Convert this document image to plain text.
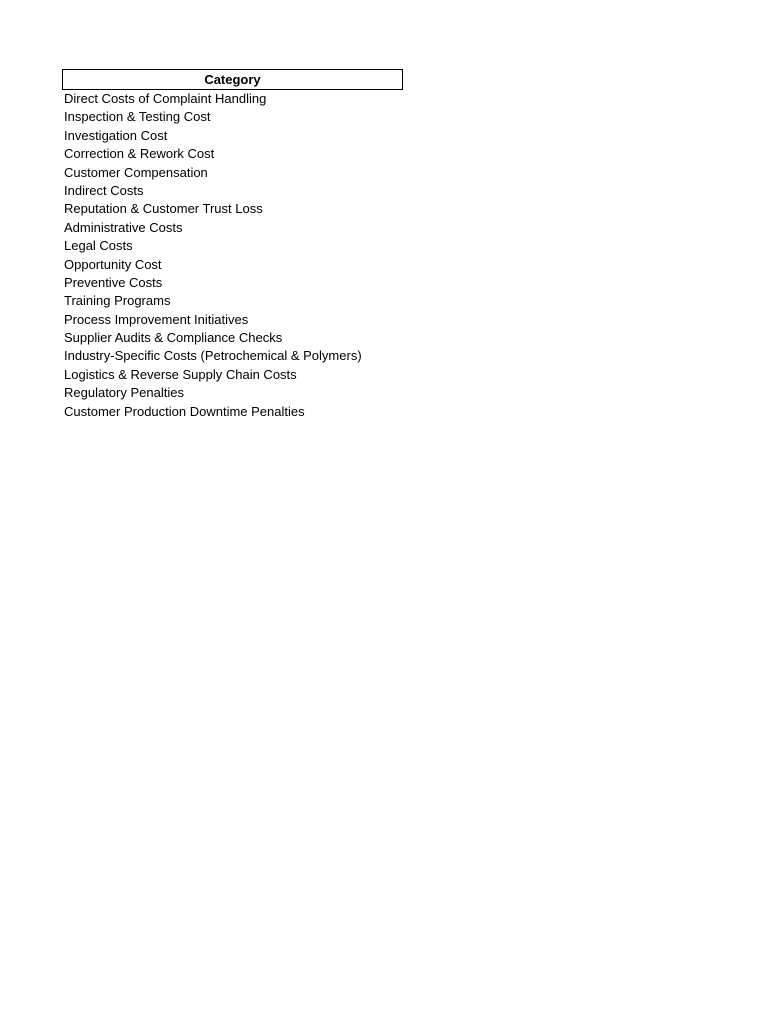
Category
Direct Costs of Complaint Handling
Inspection & Testing Cost
Investigation Cost
Correction & Rework Cost
Customer Compensation
Indirect Costs
Reputation & Customer Trust Loss
Administrative Costs
Legal Costs
Opportunity Cost
Preventive Costs
Training Programs
Process Improvement Initiatives
Supplier Audits & Compliance Checks
Industry-Specific Costs (Petrochemical & Polymers)
Logistics & Reverse Supply Chain Costs
Regulatory Penalties
Customer Production Downtime Penalties
